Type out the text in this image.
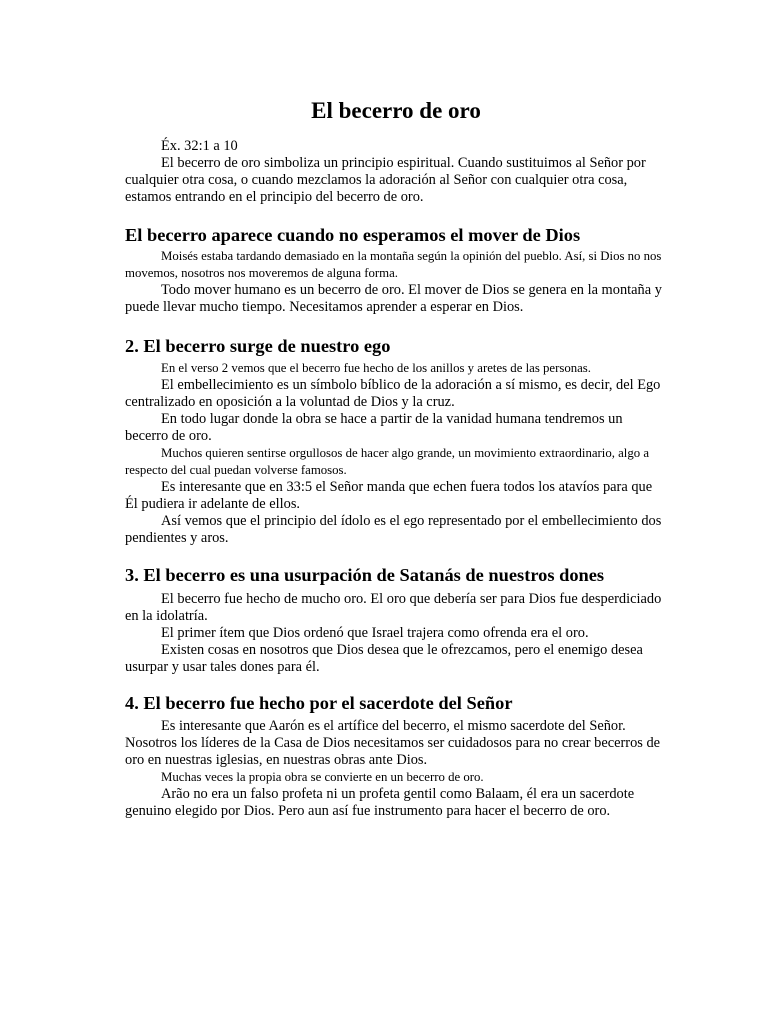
El becerro de oro

Éx. 32:1 a 10

El becerro de oro simboliza un principio espiritual. Cuando sustituimos al Señor por cualquier otra cosa, o cuando mezclamos la adoración al Señor con cualquier otra cosa, estamos entrando en el principio del becerro de oro.

El becerro aparece cuando no esperamos el mover de Dios

Moisés estaba tardando demasiado en la montaña según la opinión del pueblo. Así, si Dios no nos movemos, nosotros nos moveremos de alguna forma.

Todo mover humano es un becerro de oro. El mover de Dios se genera en la montaña y puede llevar mucho tiempo. Necesitamos aprender a esperar en Dios.

2. El becerro surge de nuestro ego

En el verso 2 vemos que el becerro fue hecho de los anillos y aretes de las personas.

El embellecimiento es un símbolo bíblico de la adoración a sí mismo, es decir, del Ego centralizado en oposición a la voluntad de Dios y la cruz.

En todo lugar donde la obra se hace a partir de la vanidad humana tendremos un becerro de oro.

Muchos quieren sentirse orgullosos de hacer algo grande, un movimiento extraordinario, algo a respecto del cual puedan volverse famosos.

Es interesante que en 33:5 el Señor manda que echen fuera todos los atavíos para que Él pudiera ir adelante de ellos.

Así vemos que el principio del ídolo es el ego representado por el embellecimiento dos pendientes y aros.

3. El becerro es una usurpación de Satanás de nuestros dones

El becerro fue hecho de mucho oro. El oro que debería ser para Dios fue desperdiciado en la idolatría.

El primer ítem que Dios ordenó que Israel trajera como ofrenda era el oro.

Existen cosas en nosotros que Dios desea que le ofrezcamos, pero el enemigo desea usurpar y usar tales dones para él.

4. El becerro fue hecho por el sacerdote del Señor

Es interesante que Aarón es el artífice del becerro, el mismo sacerdote del Señor. Nosotros los líderes de la Casa de Dios necesitamos ser cuidadosos para no crear becerros de oro en nuestras iglesias, en nuestras obras ante Dios.

Muchas veces la propia obra se convierte en un becerro de oro.

Arão no era un falso profeta ni un profeta gentil como Balaam, él era un sacerdote genuino elegido por Dios. Pero aun así fue instrumento para hacer el becerro de oro.
